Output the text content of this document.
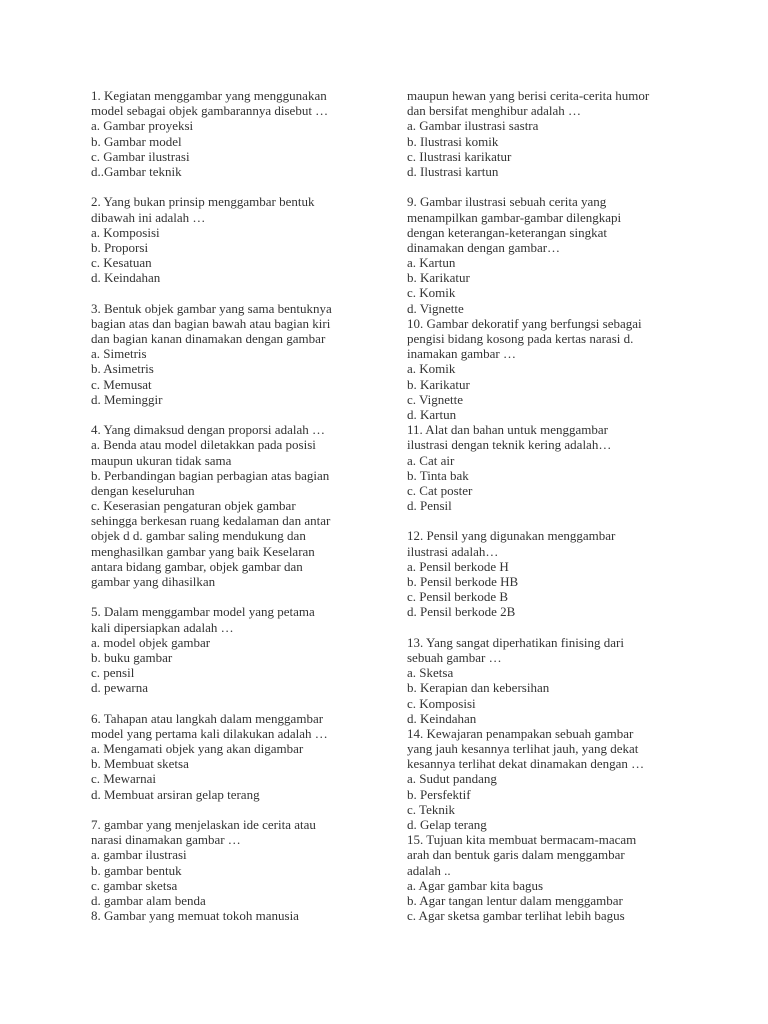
1. Kegiatan menggambar yang menggunakan
model sebagai objek gambarannya disebut …
a. Gambar proyeksi
b. Gambar model
c. Gambar ilustrasi
d..Gambar teknik
2. Yang bukan prinsip menggambar bentuk
dibawah ini adalah …
a. Komposisi
b. Proporsi
c. Kesatuan
d. Keindahan
3. Bentuk objek gambar yang sama bentuknya
bagian atas dan bagian bawah atau bagian kiri
dan bagian kanan dinamakan dengan gambar
a. Simetris
b. Asimetris
c. Memusat
d. Meminggir
4. Yang dimaksud dengan proporsi adalah …
a. Benda atau model diletakkan pada posisi
maupun ukuran tidak sama
b. Perbandingan bagian perbagian atas bagian
dengan keseluruhan
c. Keserasian pengaturan objek gambar
sehingga berkesan ruang kedalaman dan antar
objek d d. gambar saling mendukung dan
menghasilkan gambar yang baik Keselaran
antara bidang gambar, objek gambar dan
gambar yang dihasilkan
5. Dalam menggambar model yang petama
kali dipersiapkan adalah …
a. model objek gambar
b. buku gambar
c. pensil
d. pewarna
6. Tahapan atau langkah dalam menggambar
model yang pertama kali dilakukan adalah …
a. Mengamati objek yang akan digambar
b. Membuat sketsa
c. Mewarnai
d. Membuat arsiran gelap terang
7. gambar yang menjelaskan ide cerita atau
narasi dinamakan gambar …
a. gambar ilustrasi
b. gambar bentuk
c. gambar sketsa
d. gambar alam benda
8. Gambar yang memuat tokoh manusia
maupun hewan yang berisi cerita-cerita humor
dan bersifat menghibur adalah …
a. Gambar ilustrasi sastra
b. Ilustrasi komik
c. Ilustrasi karikatur
d. Ilustrasi kartun
9. Gambar ilustrasi sebuah cerita yang
menampilkan gambar-gambar dilengkapi
dengan keterangan-keterangan singkat
dinamakan dengan gambar…
a. Kartun
b. Karikatur
c. Komik
d. Vignette
10. Gambar dekoratif yang berfungsi sebagai
pengisi bidang kosong pada kertas narasi d.
inamakan gambar …
a. Komik
b. Karikatur
c. Vignette
d. Kartun
11. Alat dan bahan untuk menggambar
ilustrasi dengan teknik kering adalah…
a. Cat air
b. Tinta bak
c. Cat poster
d. Pensil
12. Pensil yang digunakan menggambar
ilustrasi adalah…
a. Pensil berkode H
b. Pensil berkode HB
c. Pensil berkode B
d. Pensil berkode 2B
13. Yang sangat diperhatikan finising dari
sebuah gambar …
a. Sketsa
b. Kerapian dan kebersihan
c. Komposisi
d. Keindahan
14. Kewajaran penampakan sebuah gambar
yang jauh kesannya terlihat jauh, yang dekat
kesannya terlihat dekat dinamakan dengan …
a. Sudut pandang
b. Persfektif
c. Teknik
d. Gelap terang
15. Tujuan kita membuat bermacam-macam
arah dan bentuk garis dalam menggambar
adalah ..
a. Agar gambar kita bagus
b. Agar tangan lentur dalam menggambar
c. Agar sketsa gambar terlihat lebih bagus
